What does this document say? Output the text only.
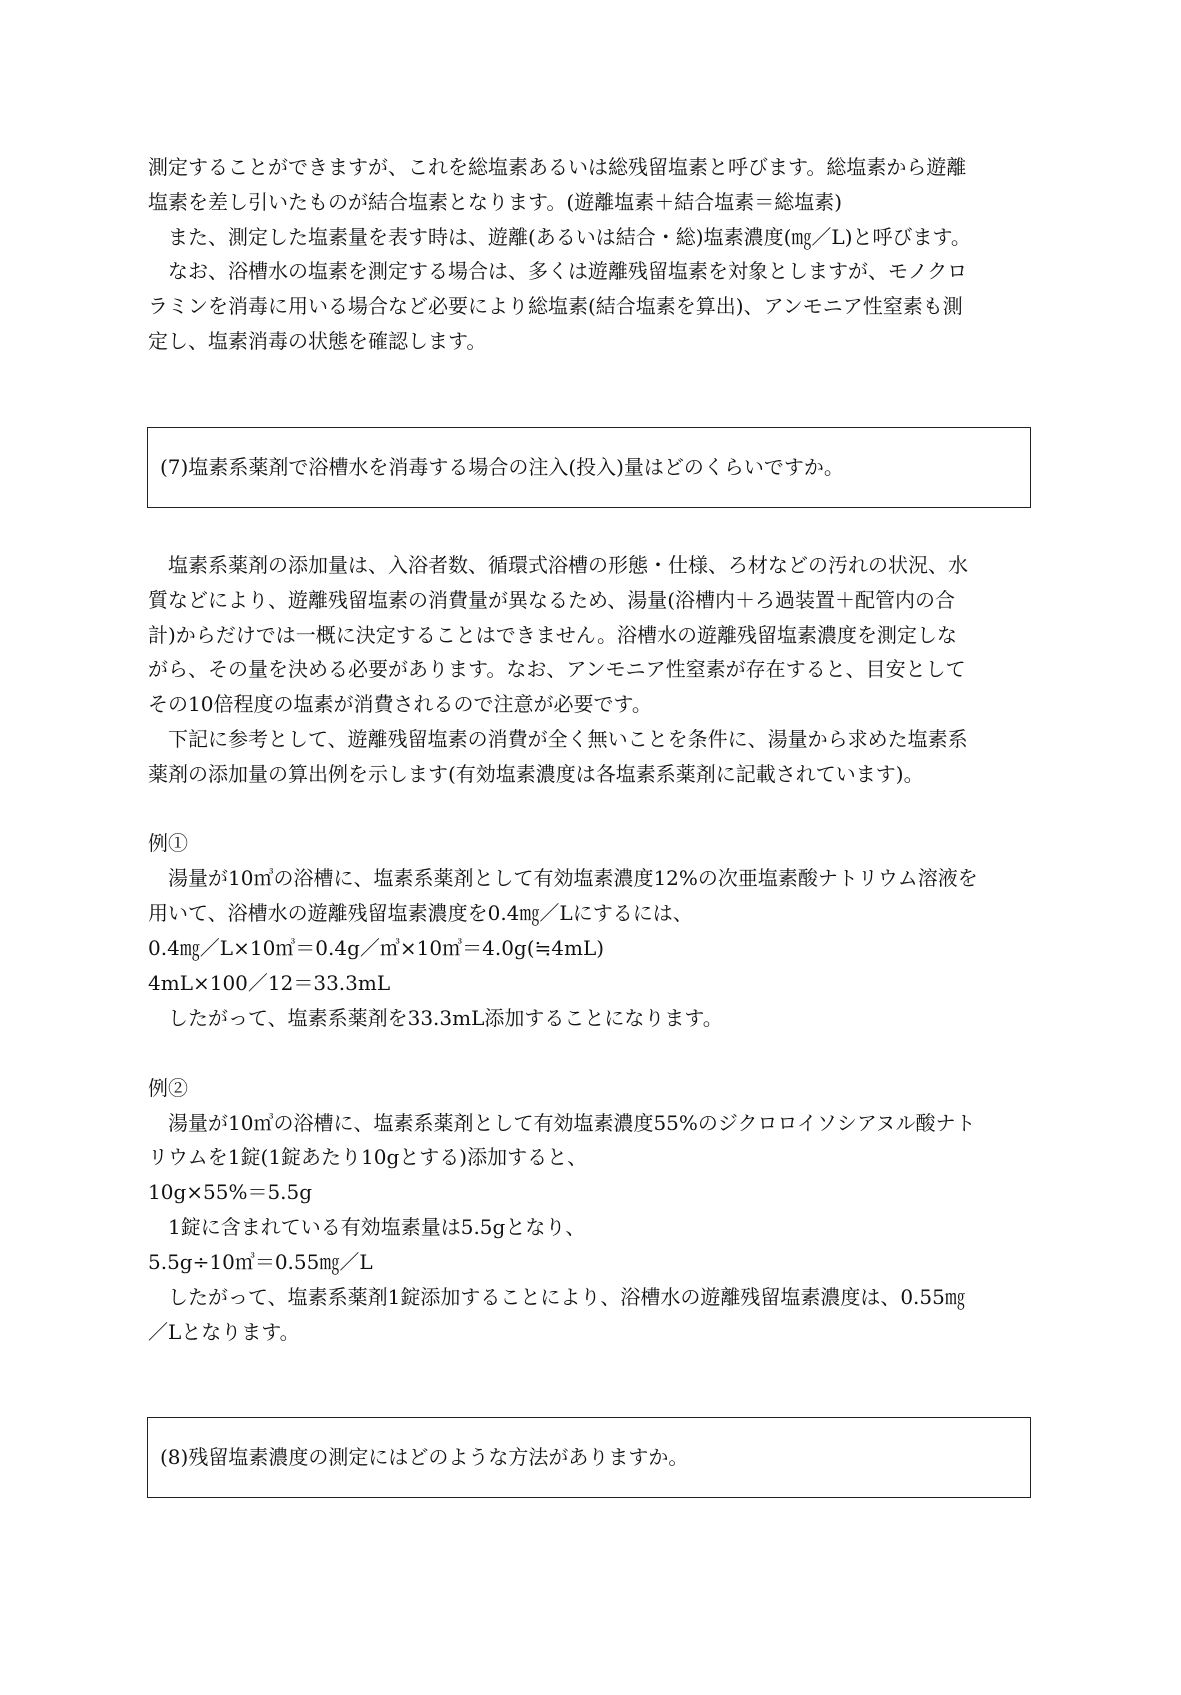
測定することができますが、これを総塩素あるいは総残留塩素と呼びます。総塩素から遊離
塩素を差し引いたものが結合塩素となります。(遊離塩素＋結合塩素＝総塩素)
　また、測定した塩素量を表す時は、遊離(あるいは結合・総)塩素濃度(㎎／L)と呼びます。
　なお、浴槽水の塩素を測定する場合は、多くは遊離残留塩素を対象としますが、モノクロ
ラミンを消毒に用いる場合など必要により総塩素(結合塩素を算出)、アンモニア性窒素も測
定し、塩素消毒の状態を確認します。
(7)塩素系薬剤で浴槽水を消毒する場合の注入(投入)量はどのくらいですか。
　塩素系薬剤の添加量は、入浴者数、循環式浴槽の形態・仕様、ろ材などの汚れの状況、水
質などにより、遊離残留塩素の消費量が異なるため、湯量(浴槽内＋ろ過装置＋配管内の合
計)からだけでは一概に決定することはできません。浴槽水の遊離残留塩素濃度を測定しな
がら、その量を決める必要があります。なお、アンモニア性窒素が存在すると、目安として
その10倍程度の塩素が消費されるので注意が必要です。
　下記に参考として、遊離残留塩素の消費が全く無いことを条件に、湯量から求めた塩素系
薬剤の添加量の算出例を示します(有効塩素濃度は各塩素系薬剤に記載されています)。
例①
　湯量が10㎥の浴槽に、塩素系薬剤として有効塩素濃度12%の次亜塩素酸ナトリウム溶液を
用いて、浴槽水の遊離残留塩素濃度を0.4㎎／Lにするには、
0.4㎎／L×10㎥＝0.4g／㎥×10㎥＝4.0g(≒4mL)
4mL×100／12＝33.3mL
　したがって、塩素系薬剤を33.3mL添加することになります。
例②
　湯量が10㎥の浴槽に、塩素系薬剤として有効塩素濃度55%のジクロロイソシアヌル酸ナト
リウムを1錠(1錠あたり10gとする)添加すると、
10g×55%＝5.5g
　1錠に含まれている有効塩素量は5.5gとなり、
5.5g÷10㎥＝0.55㎎／L
　したがって、塩素系薬剤1錠添加することにより、浴槽水の遊離残留塩素濃度は、0.55㎎
／Lとなります。
(8)残留塩素濃度の測定にはどのような方法がありますか。
